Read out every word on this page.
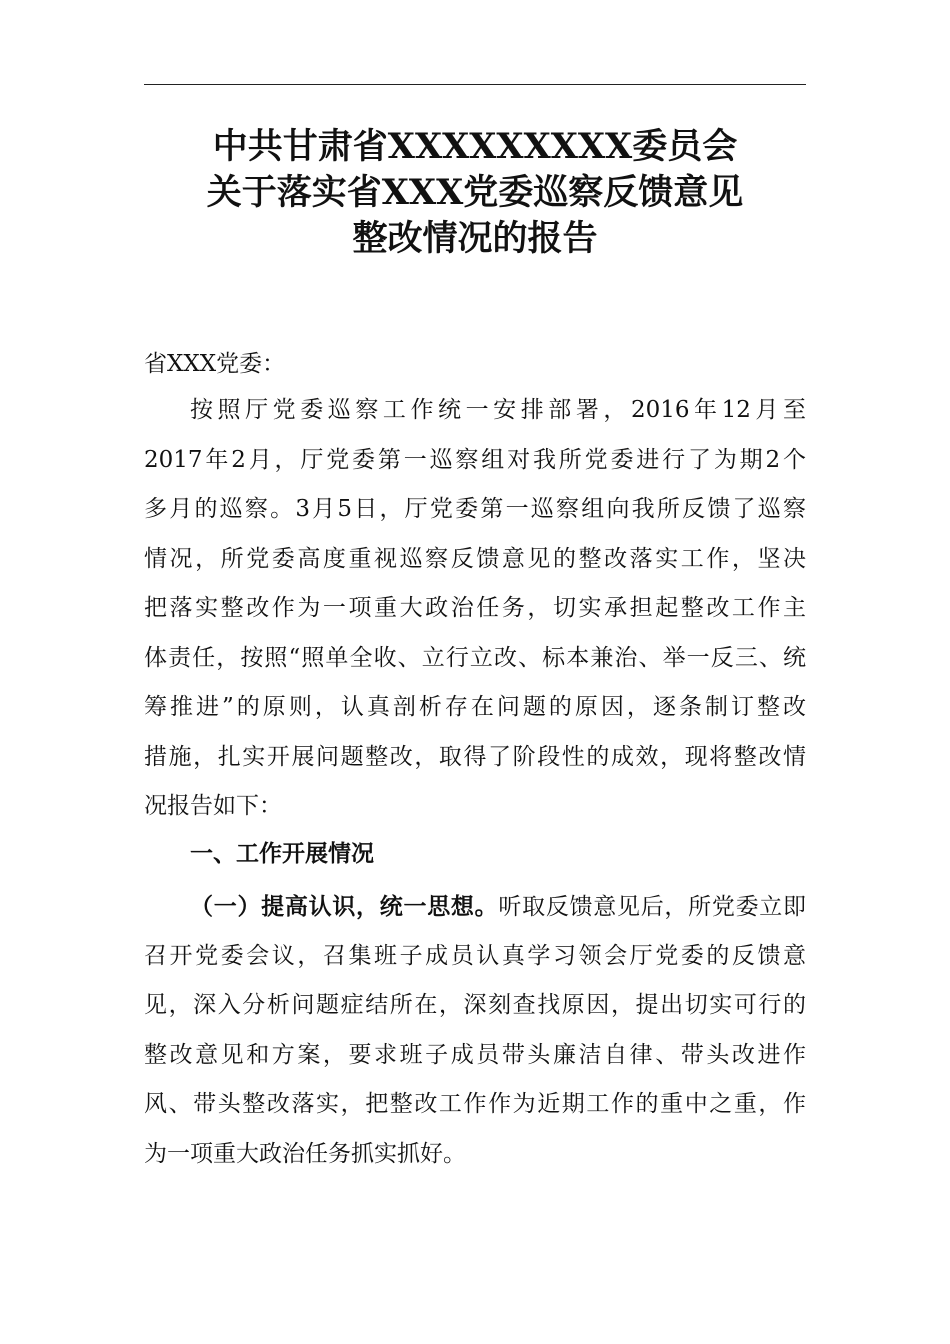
中共甘肃省XXXXXXXXX委员会
关于落实省XXX党委巡察反馈意见
整改情况的报告
省XXX党委：
按照厅党委巡察工作统一安排部署，2016年12月至
2017年2月，厅党委第一巡察组对我所党委进行了为期2个
多月的巡察。3月5日，厅党委第一巡察组向我所反馈了巡察
情况，所党委高度重视巡察反馈意见的整改落实工作，坚决
把落实整改作为一项重大政治任务，切实承担起整改工作主
体责任，按照“照单全收、立行立改、标本兼治、举一反三、统
筹推进”的原则，认真剖析存在问题的原因，逐条制订整改
措施，扎实开展问题整改，取得了阶段性的成效，现将整改情
况报告如下：
一、工作开展情况
（一）提高认识，统一思想。听取反馈意见后，所党委立即
召开党委会议，召集班子成员认真学习领会厅党委的反馈意
见，深入分析问题症结所在，深刻查找原因，提出切实可行的
整改意见和方案，要求班子成员带头廉洁自律、带头改进作
风、带头整改落实，把整改工作作为近期工作的重中之重，作
为一项重大政治任务抓实抓好。
